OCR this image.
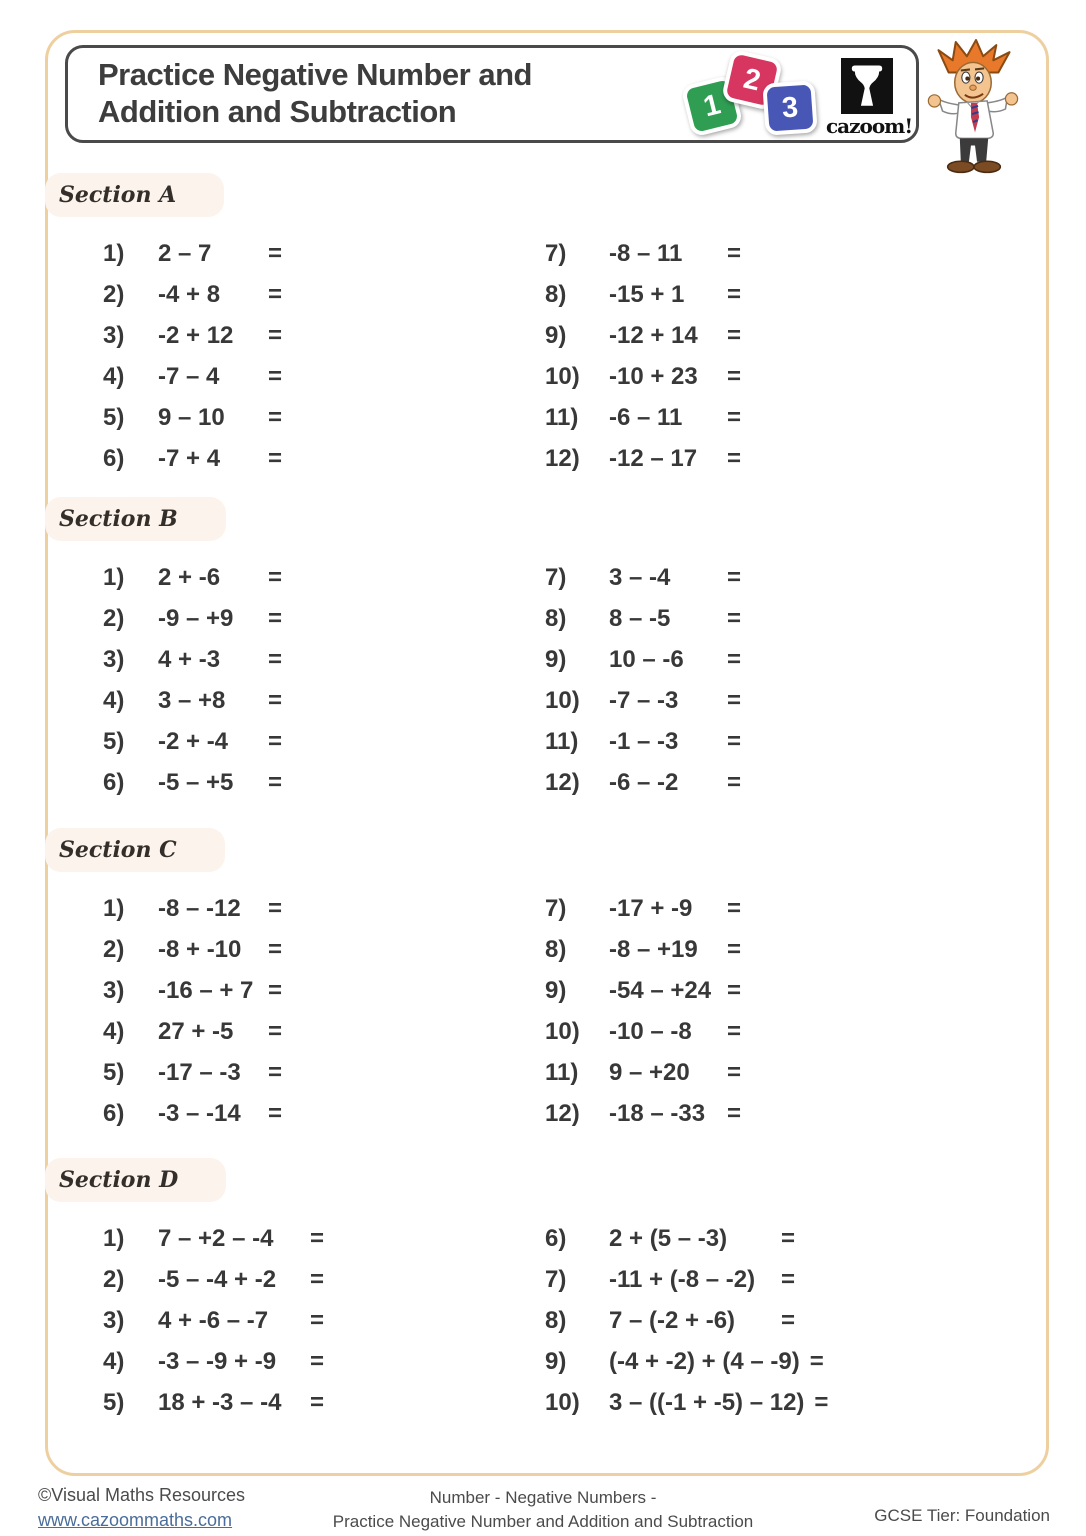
Practice Negative Number and
Addition and Subtraction	1
2
3
cazoom!
Section A
1)	2 – 7	=
2)	-4 + 8	=
3)	-2 + 12	=
4)	-7 – 4	=
5)	9 – 10	=
6)	-7 + 4	=
7)	-8 – 11	=
8)	-15 + 1	=
9)	-12 + 14	=
10)	-10 + 23	=
11)	-6 – 11	=
12)	-12 – 17	=
Section B
1)	2 + -6	=
2)	-9 – +9	=
3)	4 + -3	=
4)	3 – +8	=
5)	-2 + -4	=
6)	-5 – +5	=
7)	3 – -4	=
8)	8 – -5	=
9)	10 – -6	=
10)	-7 – -3	=
11)	-1 – -3	=
12)	-6 – -2	=
Section C
1)	-8 – -12	=
2)	-8 + -10	=
3)	-16 – + 7 =
4)	27 + -5	=
5)	-17 – -3	=
6)	-3 – -14	=
7)	-17 + -9	=
8)	-8 – +19	=
9)	-54 – +24 =
10)	-10 – -8	=
11)	9 – +20	=
12)	-18 – -33 =
Section D
1)	7 – +2 – -4	=
2)	-5 – -4 + -2	=
3)	4 + -6 – -7	=
4)	-3 – -9 + -9	=
5)	18 + -3 – -4	=
6)	2 + (5 – -3)	=
7)	-11 + (-8 – -2)	=
8)	7 – (-2 + -6)	=
9)	(-4 + -2) + (4 – -9) =
10)	3 – ((-1 + -5) – 12) =
©Visual Maths Resources
www.cazoommaths.com
Number - Negative Numbers -
Practice Negative Number and Addition and Subtraction	GCSE Tier: Foundation
